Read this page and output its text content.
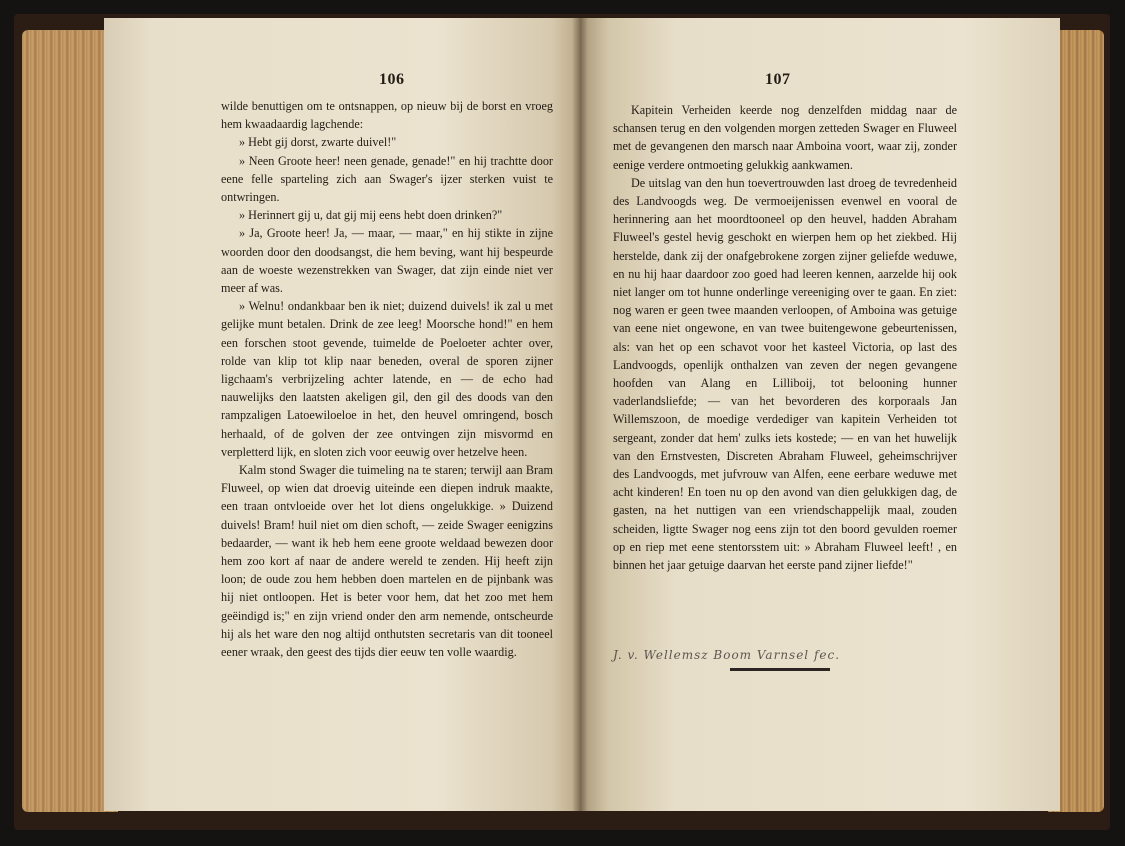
106

wilde benuttigen om te ontsnappen, op nieuw bij de borst en vroeg hem kwaadaardig lagchende:

» Hebt gij dorst, zwarte duivel!"

» Neen Groote heer! neen genade, genade!" en hij trachtte door eene felle sparteling zich aan Swager's ijzer sterken vuist te ontwringen.

» Herinnert gij u, dat gij mij eens hebt doen drinken?"

» Ja, Groote heer! Ja, — maar, — maar," en hij stikte in zijne woorden door den doodsangst, die hem beving, want hij bespeurde aan de woeste wezenstrekken van Swager, dat zijn einde niet ver meer af was.

» Welnu! ondankbaar ben ik niet; duizend duivels! ik zal u met gelijke munt betalen. Drink de zee leeg! Moorsche hond!" en hem een forschen stoot gevende, tuimelde de Poeloeter achter over, rolde van klip tot klip naar beneden, overal de sporen zijner ligchaam's verbrijzeling achter latende, en — de echo had nauwelijks den laatsten akeligen gil, den gil des doods van den rampzaligen Latoewiloeloe in het, den heuvel omringend, bosch herhaald, of de golven der zee ontvingen zijn misvormd en verpletterd lijk, en sloten zich voor eeuwig over hetzelve heen.

Kalm stond Swager die tuimeling na te staren; terwijl aan Bram Fluweel, op wien dat droevig uiteinde een diepen indruk maakte, een traan ontvloeide over het lot diens ongelukkige. » Duizend duivels! Bram! huil niet om dien schoft, — zeide Swager eenigzins bedaarder, — want ik heb hem eene groote weldaad bewezen door hem zoo kort af naar de andere wereld te zenden. Hij heeft zijn loon; de oude zou hem hebben doen martelen en de pijnbank was hij niet ontloopen. Het is beter voor hem, dat het zoo met hem geëindigd is;" en zijn vriend onder den arm nemende, ontscheurde hij als het ware den nog altijd onthutsten secretaris van dit tooneel eener wraak, den geest des tijds dier eeuw ten volle waardig.

107

Kapitein Verheiden keerde nog denzelfden middag naar de schansen terug en den volgenden morgen zetteden Swager en Fluweel met de gevangenen den marsch naar Amboina voort, waar zij, zonder eenige verdere ontmoeting gelukkig aankwamen.

De uitslag van den hun toevertrouwden last droeg de tevredenheid des Landvoogds weg. De vermoeijenissen evenwel en vooral de herinnering aan het moordtooneel op den heuvel, hadden Abraham Fluweel's gestel hevig geschokt en wierpen hem op het ziekbed. Hij herstelde, dank zij der onafgebrokene zorgen zijner geliefde weduwe, en nu hij haar daardoor zoo goed had leeren kennen, aarzelde hij ook niet langer om tot hunne onderlinge vereeniging over te gaan. En ziet: nog waren er geen twee maanden verloopen, of Amboina was getuige van eene niet ongewone, en van twee buitengewone gebeurtenissen, als: van het op een schavot voor het kasteel Victoria, op last des Landvoogds, openlijk onthalzen van zeven der negen gevangene hoofden van Alang en Lilliboij, tot belooning hunner vaderlandsliefde; — van het bevorderen des korporaals Jan Willemszoon, de moedige verdediger van kapitein Verheiden tot sergeant, zonder dat hem' zulks iets kostede; — en van het huwelijk van den Ernstvesten, Discreten Abraham Fluweel, geheimschrijver des Landvoogds, met jufvrouw van Alfen, eene eerbare weduwe met acht kinderen! En toen nu op den avond van dien gelukkigen dag, de gasten, na het nuttigen van een vriendschappelijk maal, zouden scheiden, ligtte Swager nog eens zijn tot den boord gevulden roemer op en riep met eene stentorsstem uit: » Abraham Fluweel leeft! , en binnen het jaar getuige daarvan het eerste pand zijner liefde!"

J. v. Wellemsz Boom Varnsel fec.
